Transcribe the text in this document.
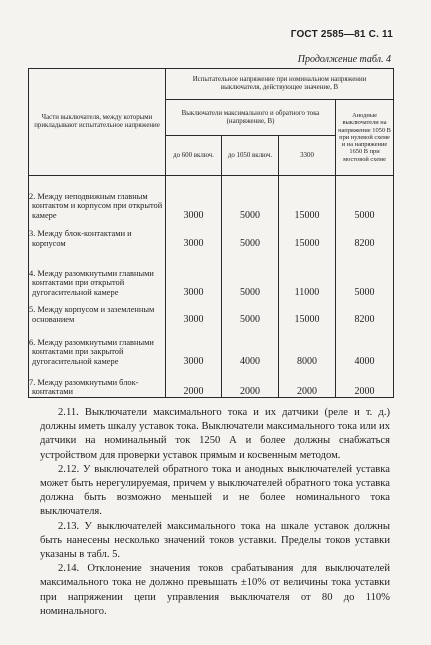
ГОСТ 2585—81 С. 11
Продолжение табл. 4
Части выключателя, между которыми прикладывают испытательное напряжение	Испытательное напряжение при номинальном напряжении выключателя, действующее значение, В			
	Выключатели максимального и обратного тока (напряжение, В)			Анодные выключатели на напряжение 1050 В при нулевой схеме и на напряжение 1650 В при мостовой схеме
	до 600 включ.	до 1050 включ.	3300	

2. Между неподвижным главным контактом и корпусом при открытой камере	3000	5000	15000	5000

3. Между блок-контактами и корпусом	3000	5000	15000	8200

4. Между разомкнутыми главными контактами при открытой дугогасительной камере	3000	5000	11000	5000

5. Между корпусом и заземленным основанием	3000	5000	15000	8200

6. Между разомкнутыми главными контактами при закрытой дугогасительной камере	3000	4000	8000	4000

7. Между разомкнутыми блок-контактами	2000	2000	2000	2000

2.11. Выключатели максимального тока и их датчики (реле и т. д.) должны иметь шкалу уставок тока. Выключатели максимального тока или их датчики на номинальный ток 1250 А и более должны снабжаться устройством для проверки уставок прямым и косвенным методом.

2.12. У выключателей обратного тока и анодных выключателей уставка может быть нерегулируемая, причем у выключателей обратного тока уставка должна быть возможно меньшей и не более номинального тока выключателя.

2.13. У выключателей максимального тока на шкале уставок должны быть нанесены несколько значений токов уставки. Пределы токов уставки указаны в табл. 5.

2.14. Отклонение значения токов срабатывания для выключателей максимального тока не должно превышать ±10% от величины тока уставки при напряжении цепи управления выключателя от 80 до 110% номинального.
